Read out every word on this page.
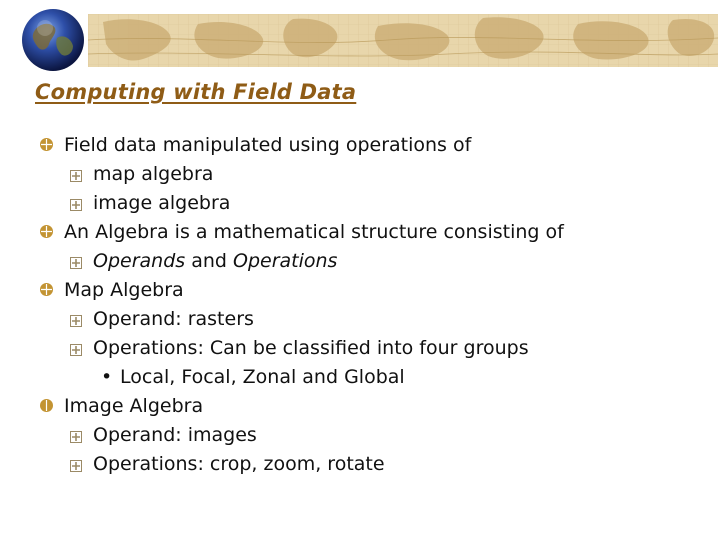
Computing with Field Data
Field data manipulated using operations of
map algebra
image algebra
An Algebra is a mathematical structure consisting of
Operands and Operations
Map Algebra
Operand: rasters
Operations: Can be classified into four groups
• Local, Focal, Zonal and Global
Image Algebra
Operand: images
Operations: crop, zoom, rotate
